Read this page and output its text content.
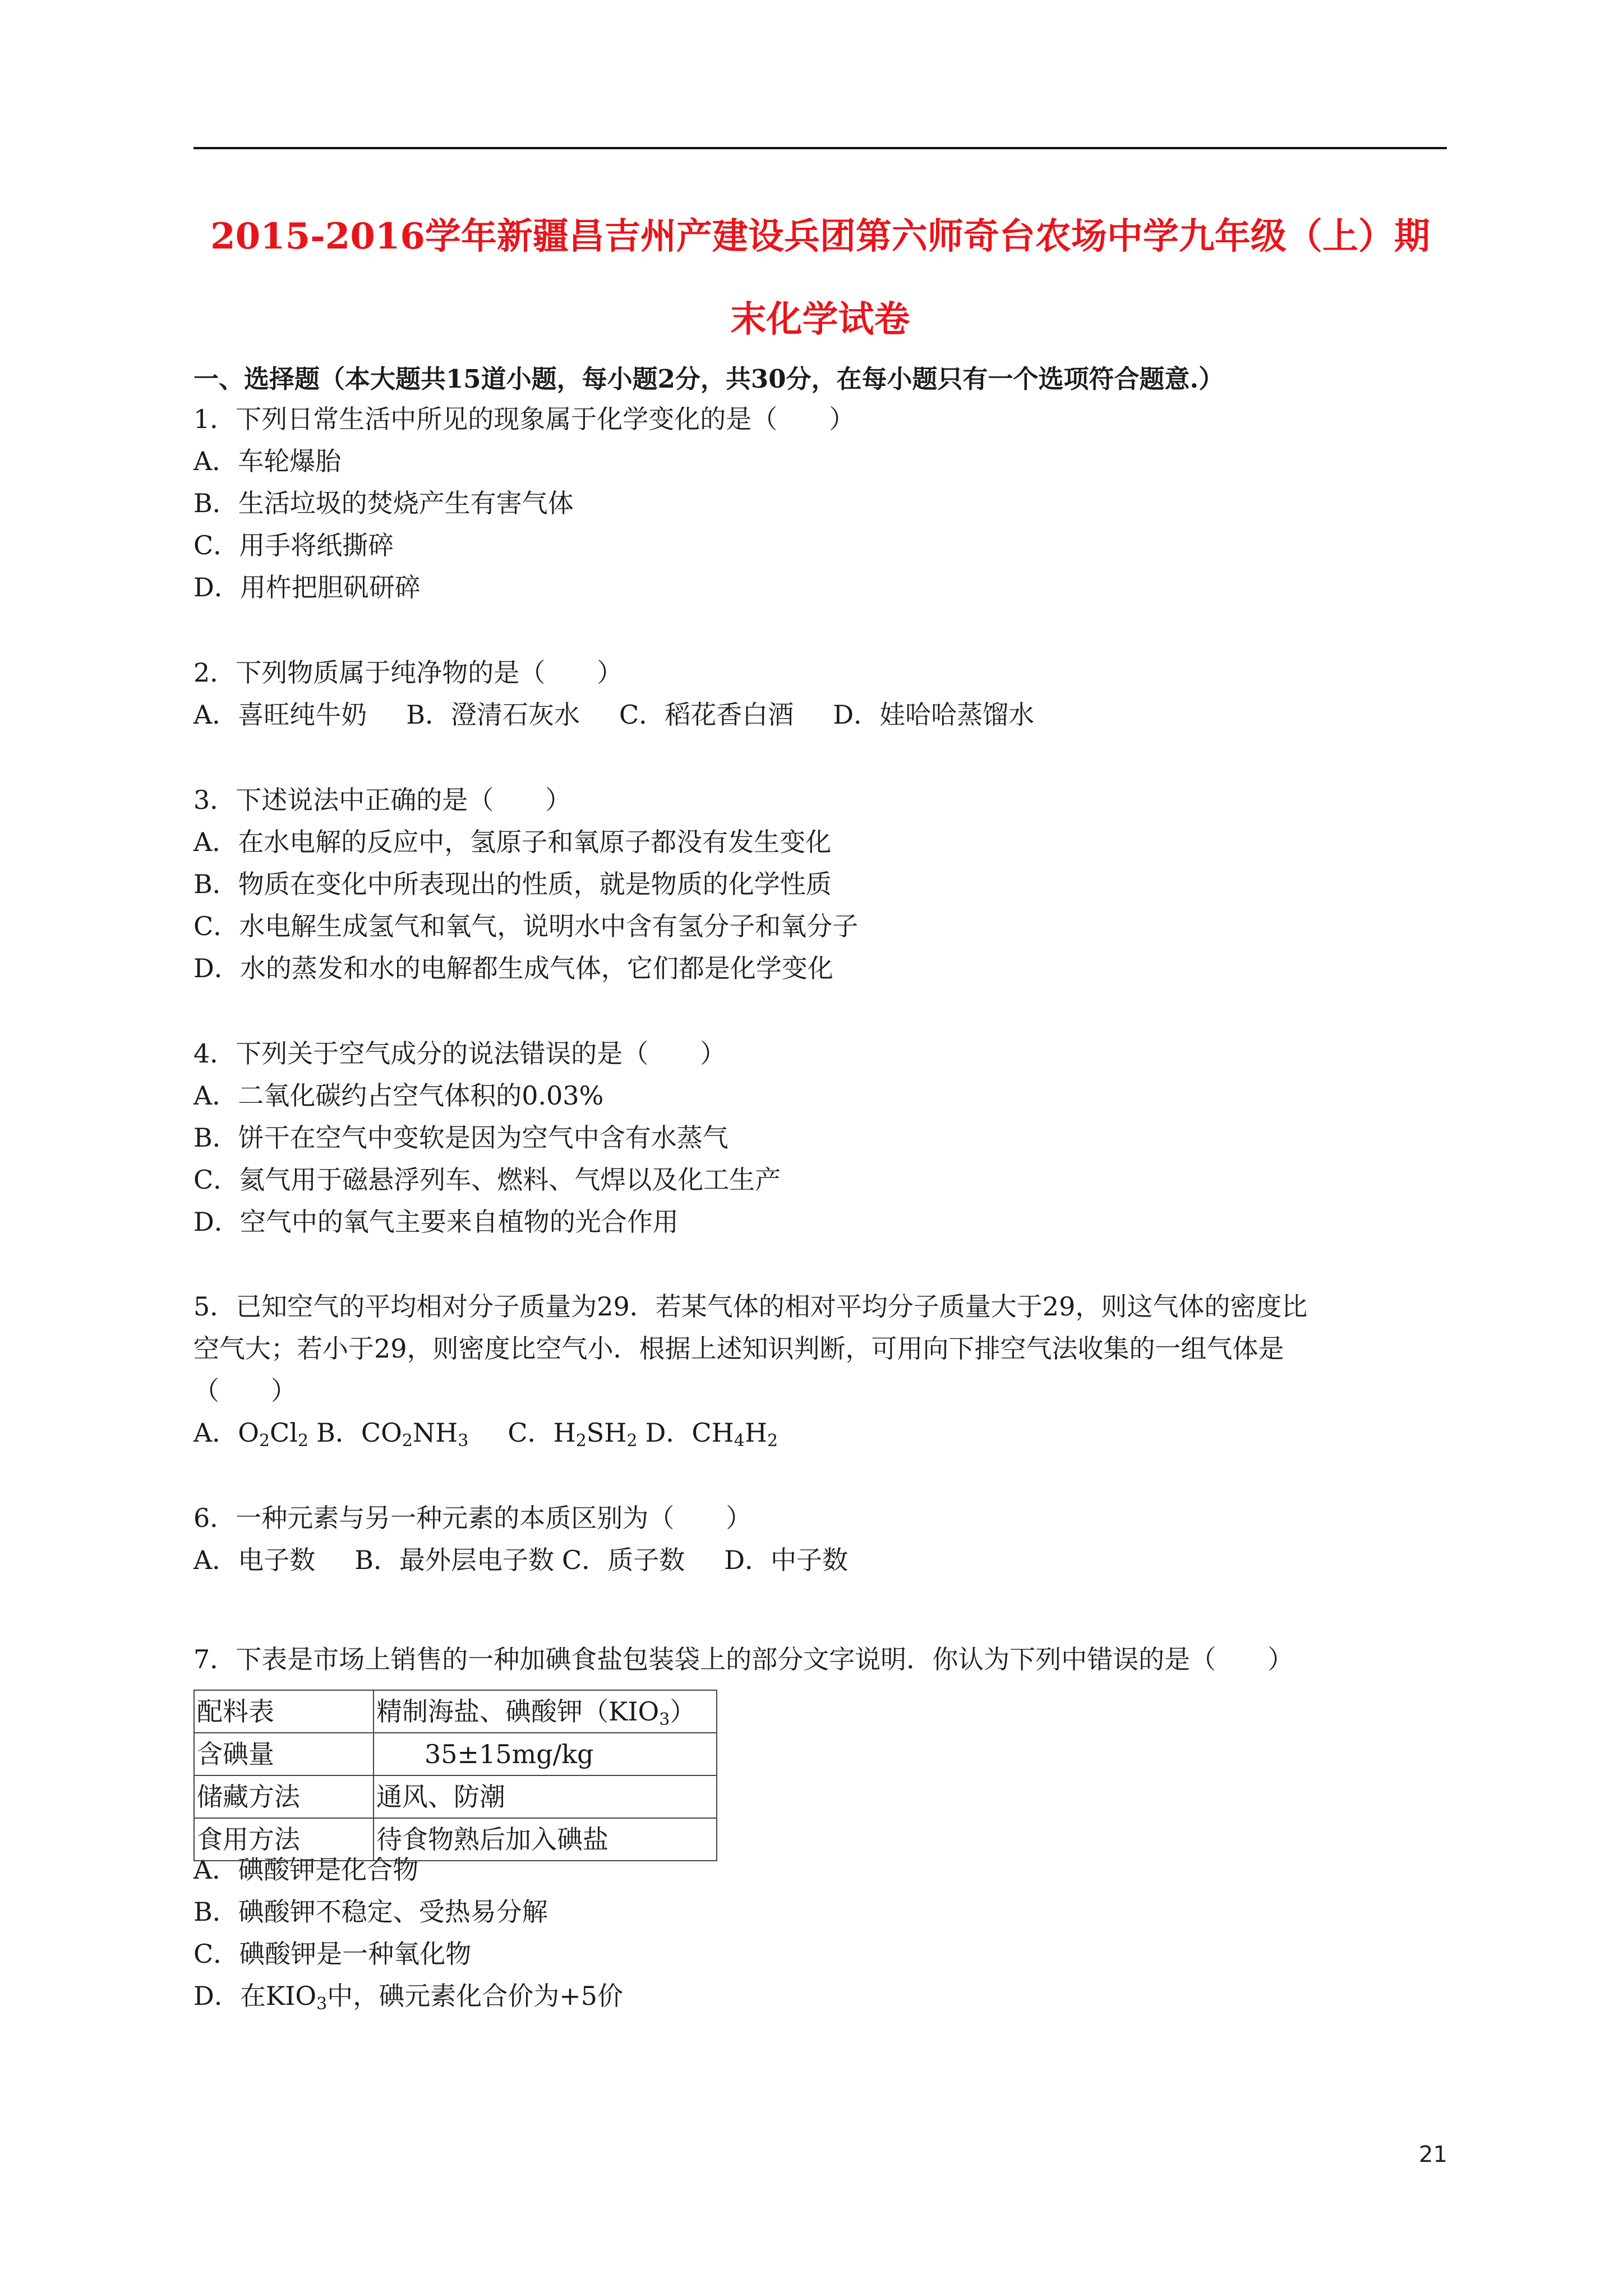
2015-2016学年新疆昌吉州产建设兵团第六师奇台农场中学九年级（上）期
末化学试卷
一、选择题（本大题共15道小题，每小题2分，共30分，在每小题只有一个选项符合题意.）
1．下列日常生活中所见的现象属于化学变化的是（　　）
A．车轮爆胎
B．生活垃圾的焚烧产生有害气体
C．用手将纸撕碎
D．用杵把胆矾研碎
2．下列物质属于纯净物的是（　　）
A．喜旺纯牛奶 B．澄清石灰水 C．稻花香白酒 D．娃哈哈蒸馏水
3．下述说法中正确的是（　　）
A．在水电解的反应中，氢原子和氧原子都没有发生变化
B．物质在变化中所表现出的性质，就是物质的化学性质
C．水电解生成氢气和氧气，说明水中含有氢分子和氧分子
D．水的蒸发和水的电解都生成气体，它们都是化学变化
4．下列关于空气成分的说法错误的是（　　）
A．二氧化碳约占空气体积的0.03%
B．饼干在空气中变软是因为空气中含有水蒸气
C．氦气用于磁悬浮列车、燃料、气焊以及化工生产
D．空气中的氧气主要来自植物的光合作用
5．已知空气的平均相对分子质量为29．若某气体的相对平均分子质量大于29，则这气体的密度比
空气大；若小于29，则密度比空气小．根据上述知识判断，可用向下排空气法收集的一组气体是
（　　）
A．$O_2Cl_2$ B．$CO_2NH_3$ C．$H_2SH_2$ D．$CH_4H_2$
6．一种元素与另一种元素的本质区别为（　　）
A．电子数 B．最外层电子数 C．质子数 D．中子数
7．下表是市场上销售的一种加碘食盐包装袋上的部分文字说明．你认为下列中错误的是（　　）
A．碘酸钾是化合物
B．碘酸钾不稳定、受热易分解
C．碘酸钾是一种氧化物
D．在$KIO_3$中，碘元素化合价为+5价
配料表	精制海盐、碘酸钾$(KIO_3)$
含碘量	35±15mg/kg
储藏方法	通风、防潮
食用方法	待食物熟后加入碘盐
21
